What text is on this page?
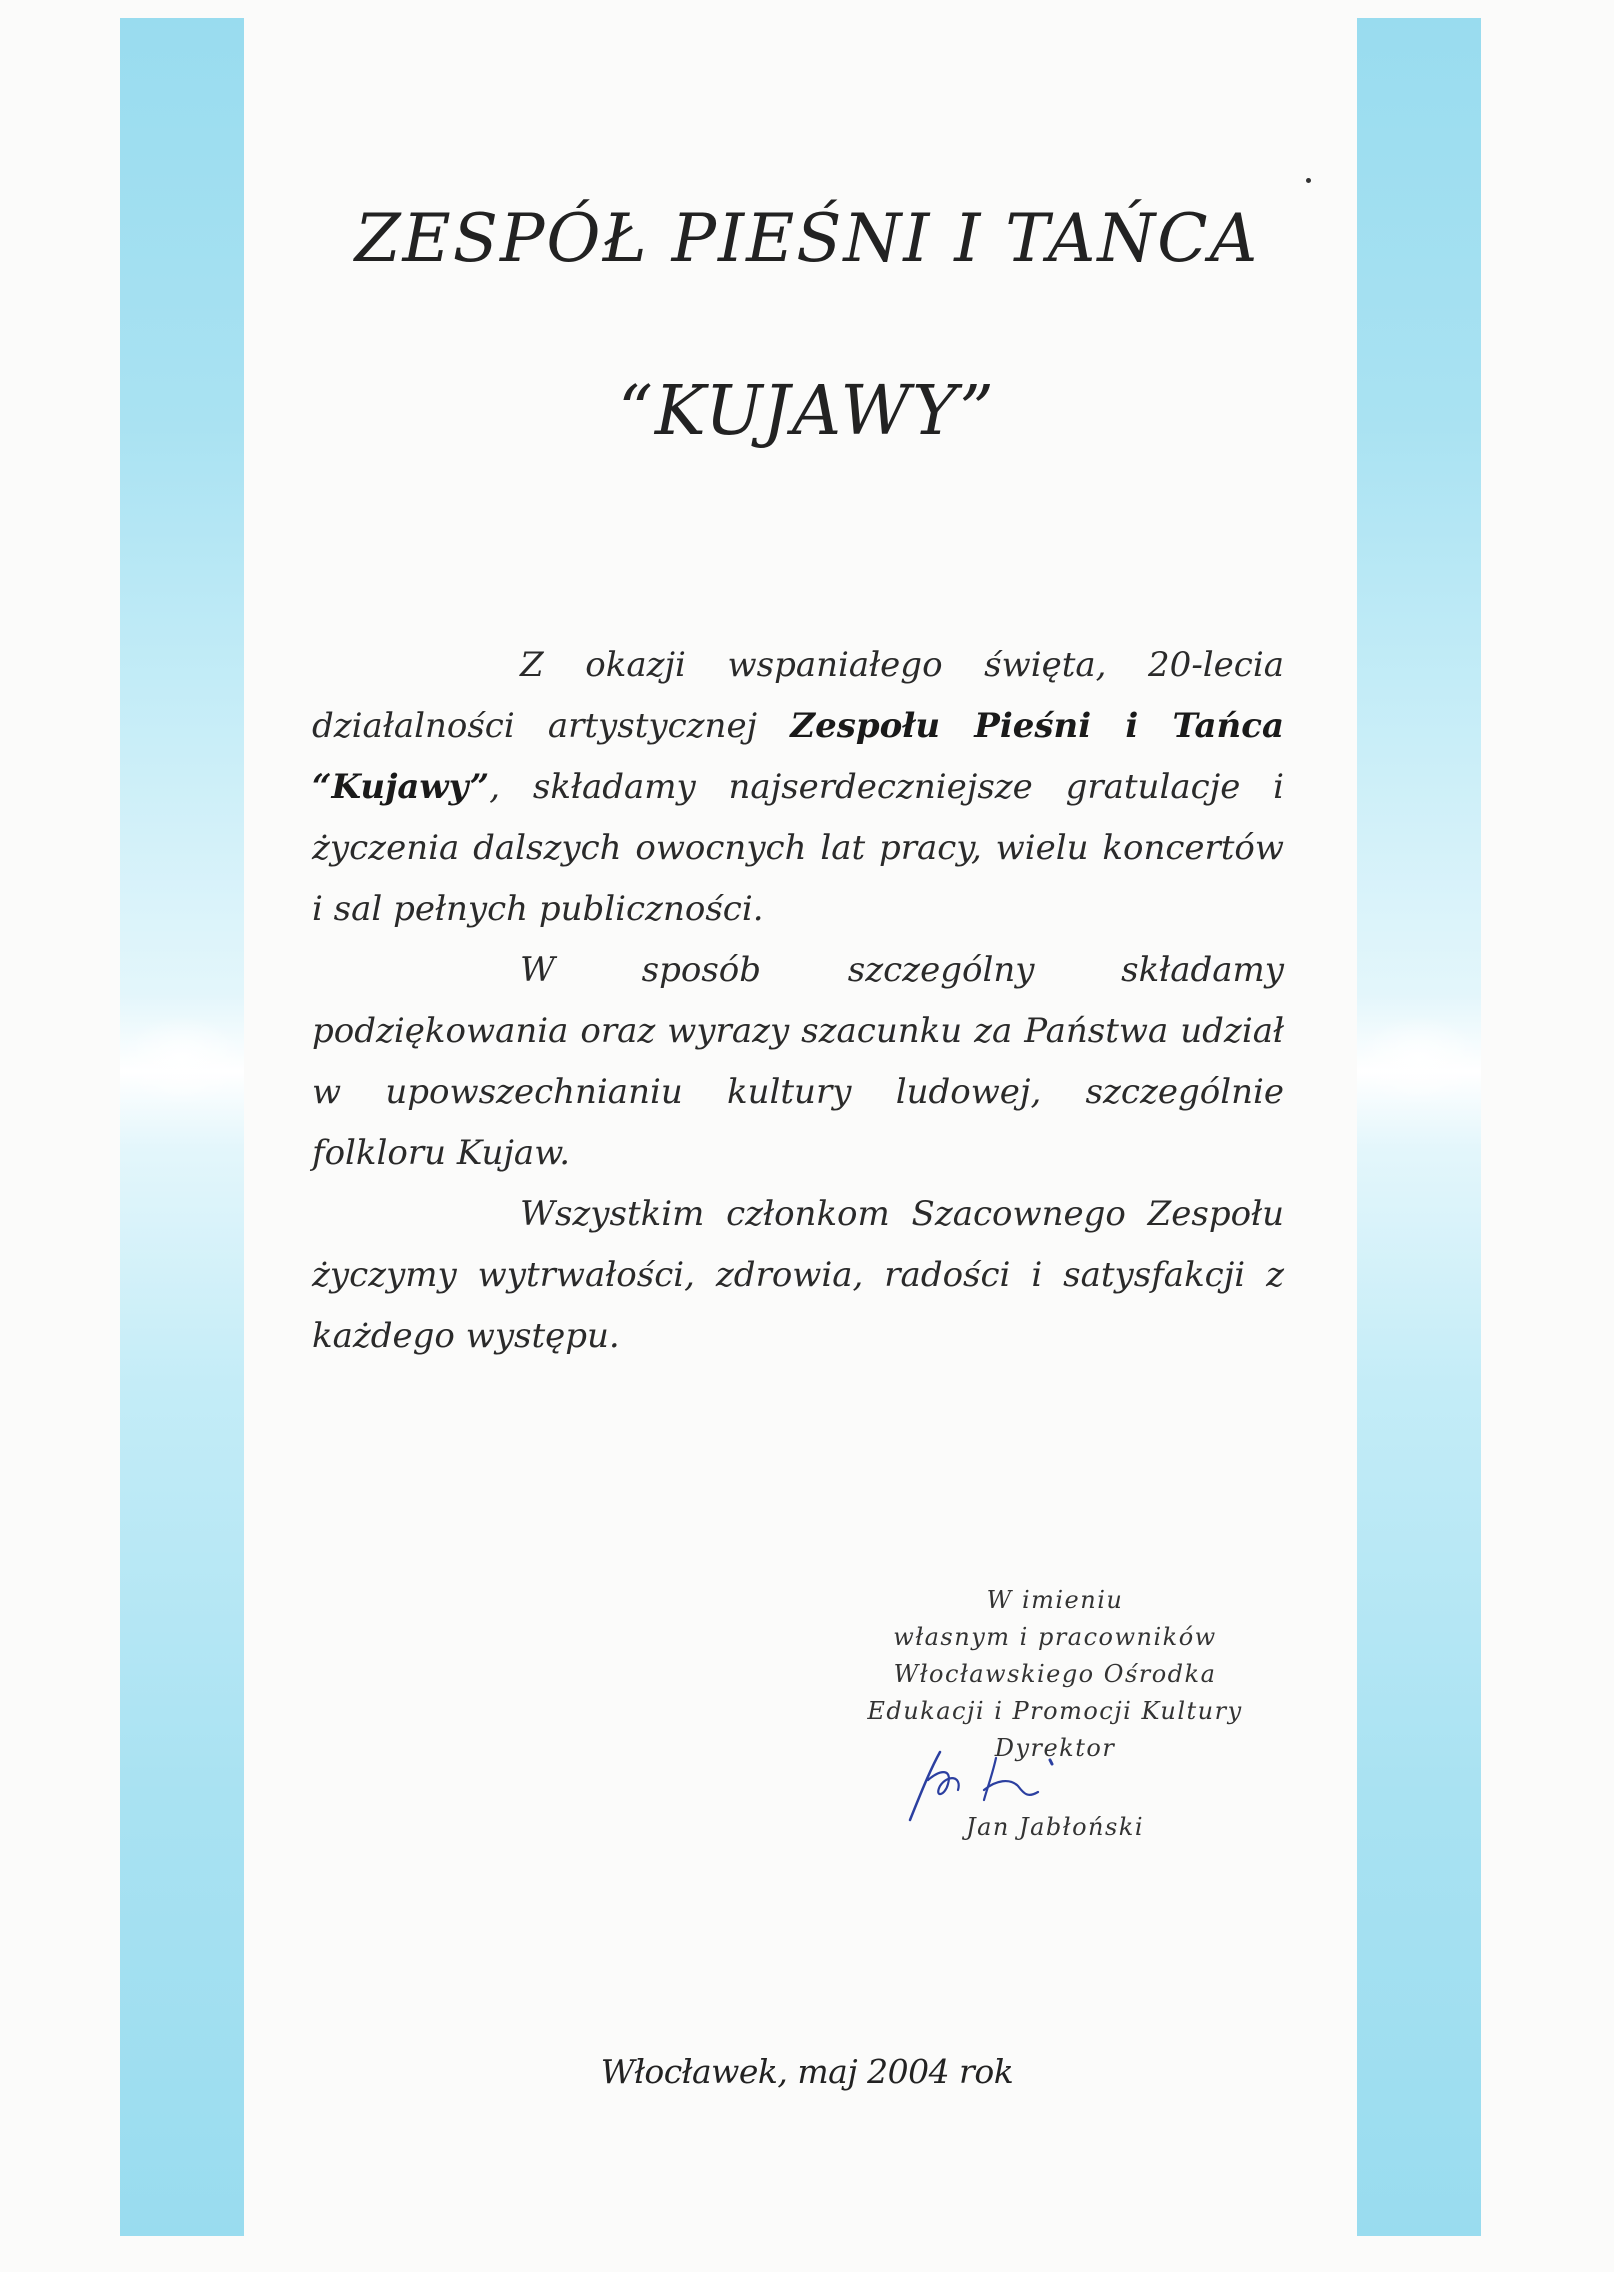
ZESPÓŁ PIEŚNI I TAŃCA
“KUJAWY”

Z okazji wspaniałego święta, 20-lecia działalności artystycznej Zespołu Pieśni i Tańca “Kujawy”, składamy najserdeczniejsze gratulacje i życzenia dalszych owocnych lat pracy, wielu koncertów i sal pełnych publiczności.

W sposób szczególny składamy podziękowania oraz wyrazy szacunku za Państwa udział w upowszechnianiu kultury ludowej, szczególnie folkloru Kujaw.

Wszystkim członkom Szacownego Zespołu życzymy wytrwałości, zdrowia, radości i satysfakcji z każdego występu.

W imieniu
własnym i pracowników
Włocławskiego Ośrodka
Edukacji i Promocji Kultury
Dyrektor
Jan Jabłoński
Włocławek, maj 2004 rok
